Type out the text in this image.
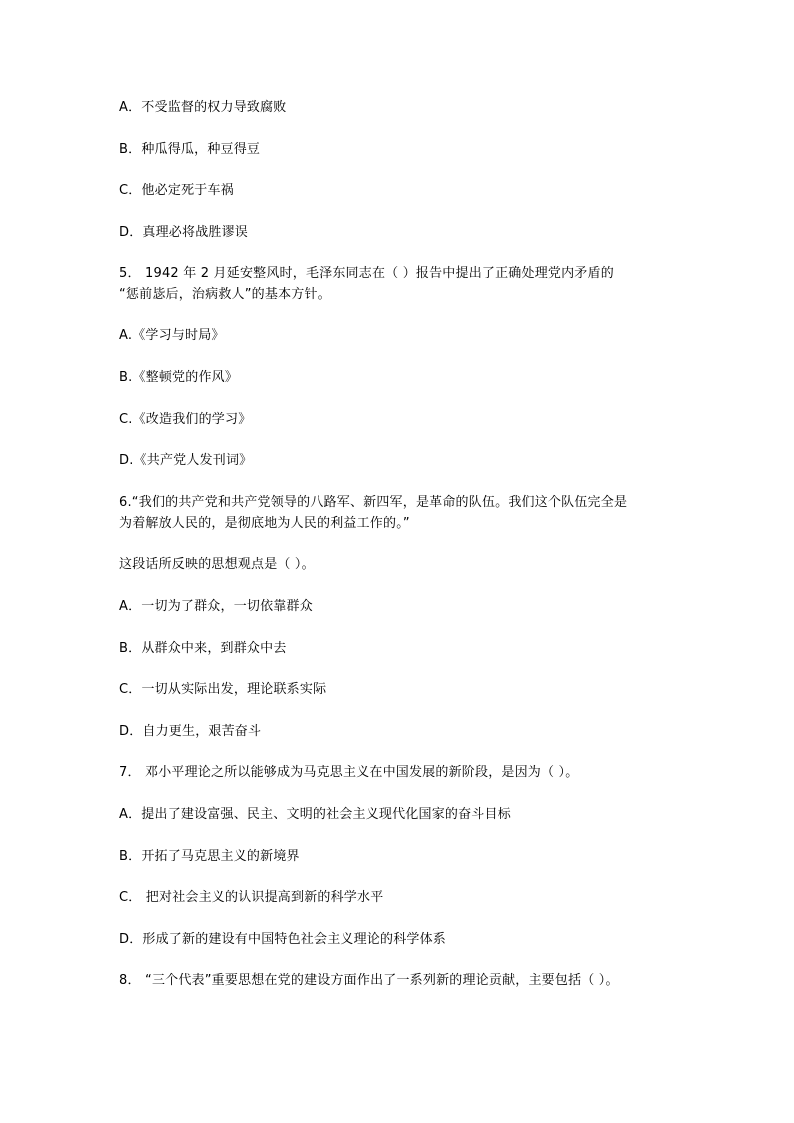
A．不受监督的权力导致腐败
B．种瓜得瓜，种豆得豆
C．他必定死于车祸
D．真理必将战胜谬误
5． 1942 年 2 月延安整风时，毛泽东同志在（ ）报告中提出了正确处理党内矛盾的
“惩前毖后，治病救人”的基本方针。
A.《学习与时局》
B.《整顿党的作风》
C.《改造我们的学习》
D.《共产党人发刊词》
6.“我们的共产党和共产党领导的八路军、新四军，是革命的队伍。我们这个队伍完全是
为着解放人民的，是彻底地为人民的利益工作的。”
这段话所反映的思想观点是（ ）。
A．一切为了群众，一切依靠群众
B．从群众中来，到群众中去
C．一切从实际出发，理论联系实际
D．自力更生，艰苦奋斗
7． 邓小平理论之所以能够成为马克思主义在中国发展的新阶段，是因为（ ）。
A．提出了建设富强、民主、文明的社会主义现代化国家的奋斗目标
B．开拓了马克思主义的新境界
C． 把对社会主义的认识提高到新的科学水平
D．形成了新的建设有中国特色社会主义理论的科学体系
8． “三个代表”重要思想在党的建设方面作出了一系列新的理论贡献，主要包括（ ）。
